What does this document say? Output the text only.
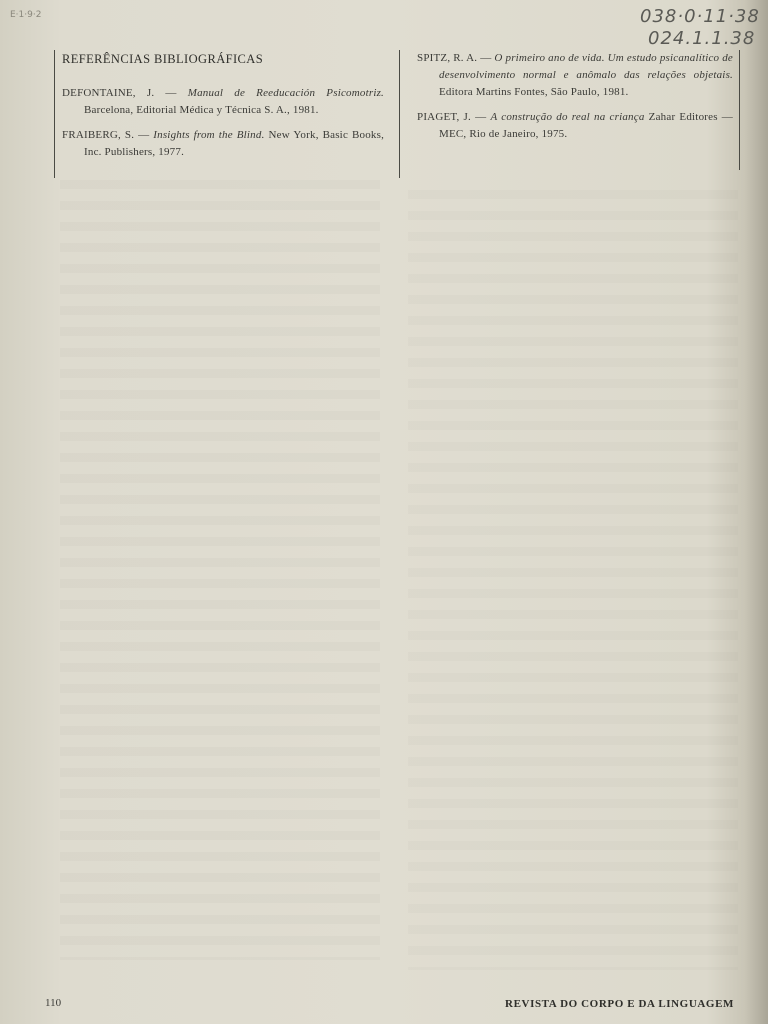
E·1·9·2	038·0·11·38
024.1.1.38
REFERÊNCIAS BIBLIOGRÁFICAS
DEFONTAINE, J. — Manual de Reeducación Psicomotriz. Barcelona, Editorial Médica y Técnica S. A., 1981.
FRAIBERG, S. — Insights from the Blind. New York, Basic Books, Inc. Publishers, 1977.
SPITZ, R. A. — O primeiro ano de vida. Um estudo psicanalítico de desenvolvimento normal e anômalo das relações objetais. Editora Martins Fontes, São Paulo, 1981.
PIAGET, J. — A construção do real na criança Zahar Editores — MEC, Rio de Janeiro, 1975.
110	REVISTA DO CORPO E DA LINGUAGEM
